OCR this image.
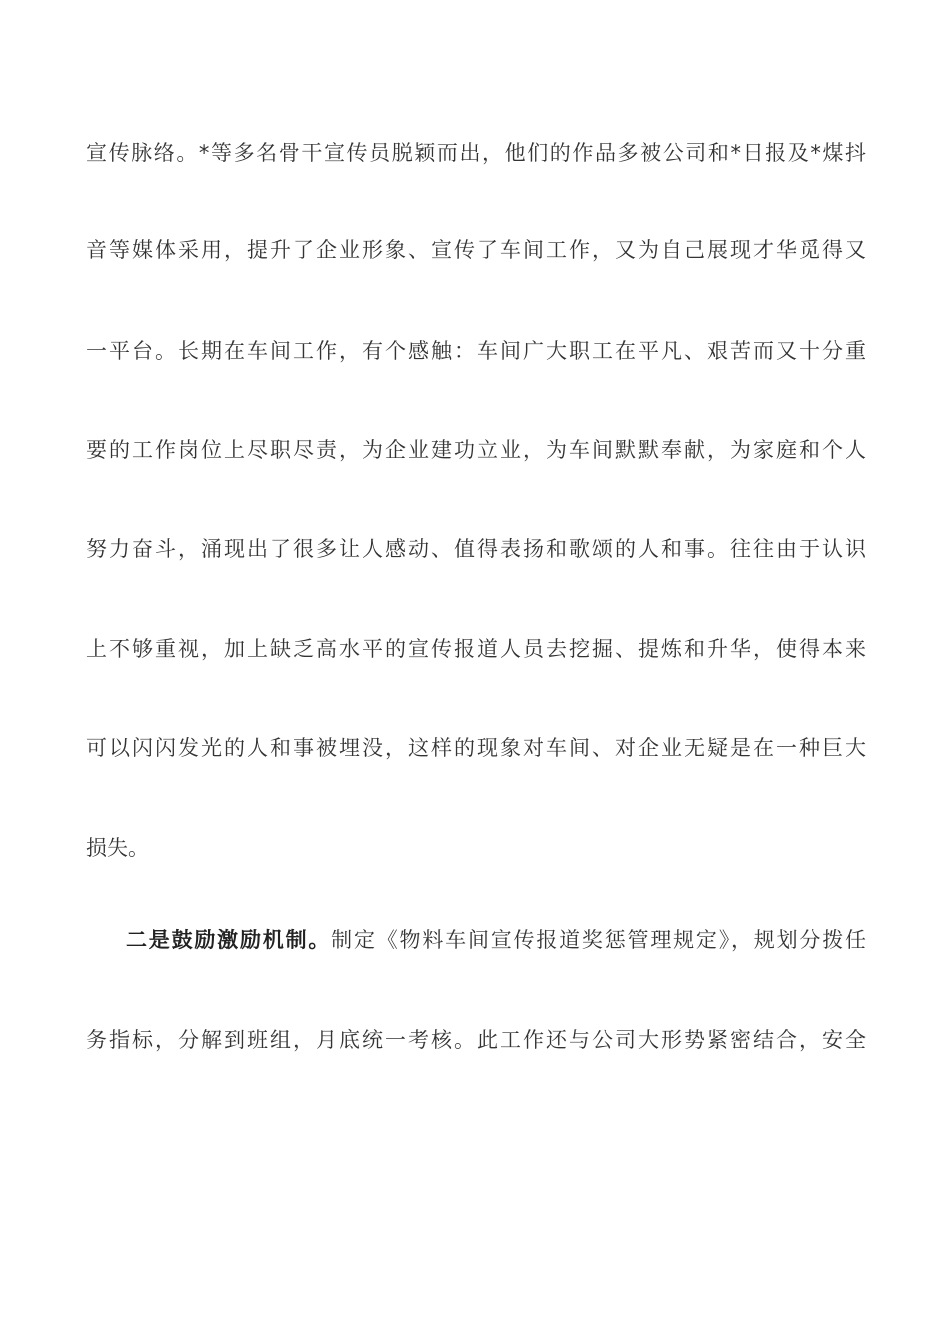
宣传脉络。*等多名骨干宣传员脱颖而出，他们的作品多被公司和*日报及*煤抖
音等媒体采用，提升了企业形象、宣传了车间工作，又为自己展现才华觅得又
一平台。长期在车间工作，有个感触：车间广大职工在平凡、艰苦而又十分重
要的工作岗位上尽职尽责，为企业建功立业，为车间默默奉献，为家庭和个人
努力奋斗，涌现出了很多让人感动、值得表扬和歌颂的人和事。往往由于认识
上不够重视，加上缺乏高水平的宣传报道人员去挖掘、提炼和升华，使得本来
可以闪闪发光的人和事被埋没，这样的现象对车间、对企业无疑是在一种巨大
损失。
二是鼓励激励机制。制定《物料车间宣传报道奖惩管理规定》，规划分拨任
务指标，分解到班组，月底统一考核。此工作还与公司大形势紧密结合，安全
